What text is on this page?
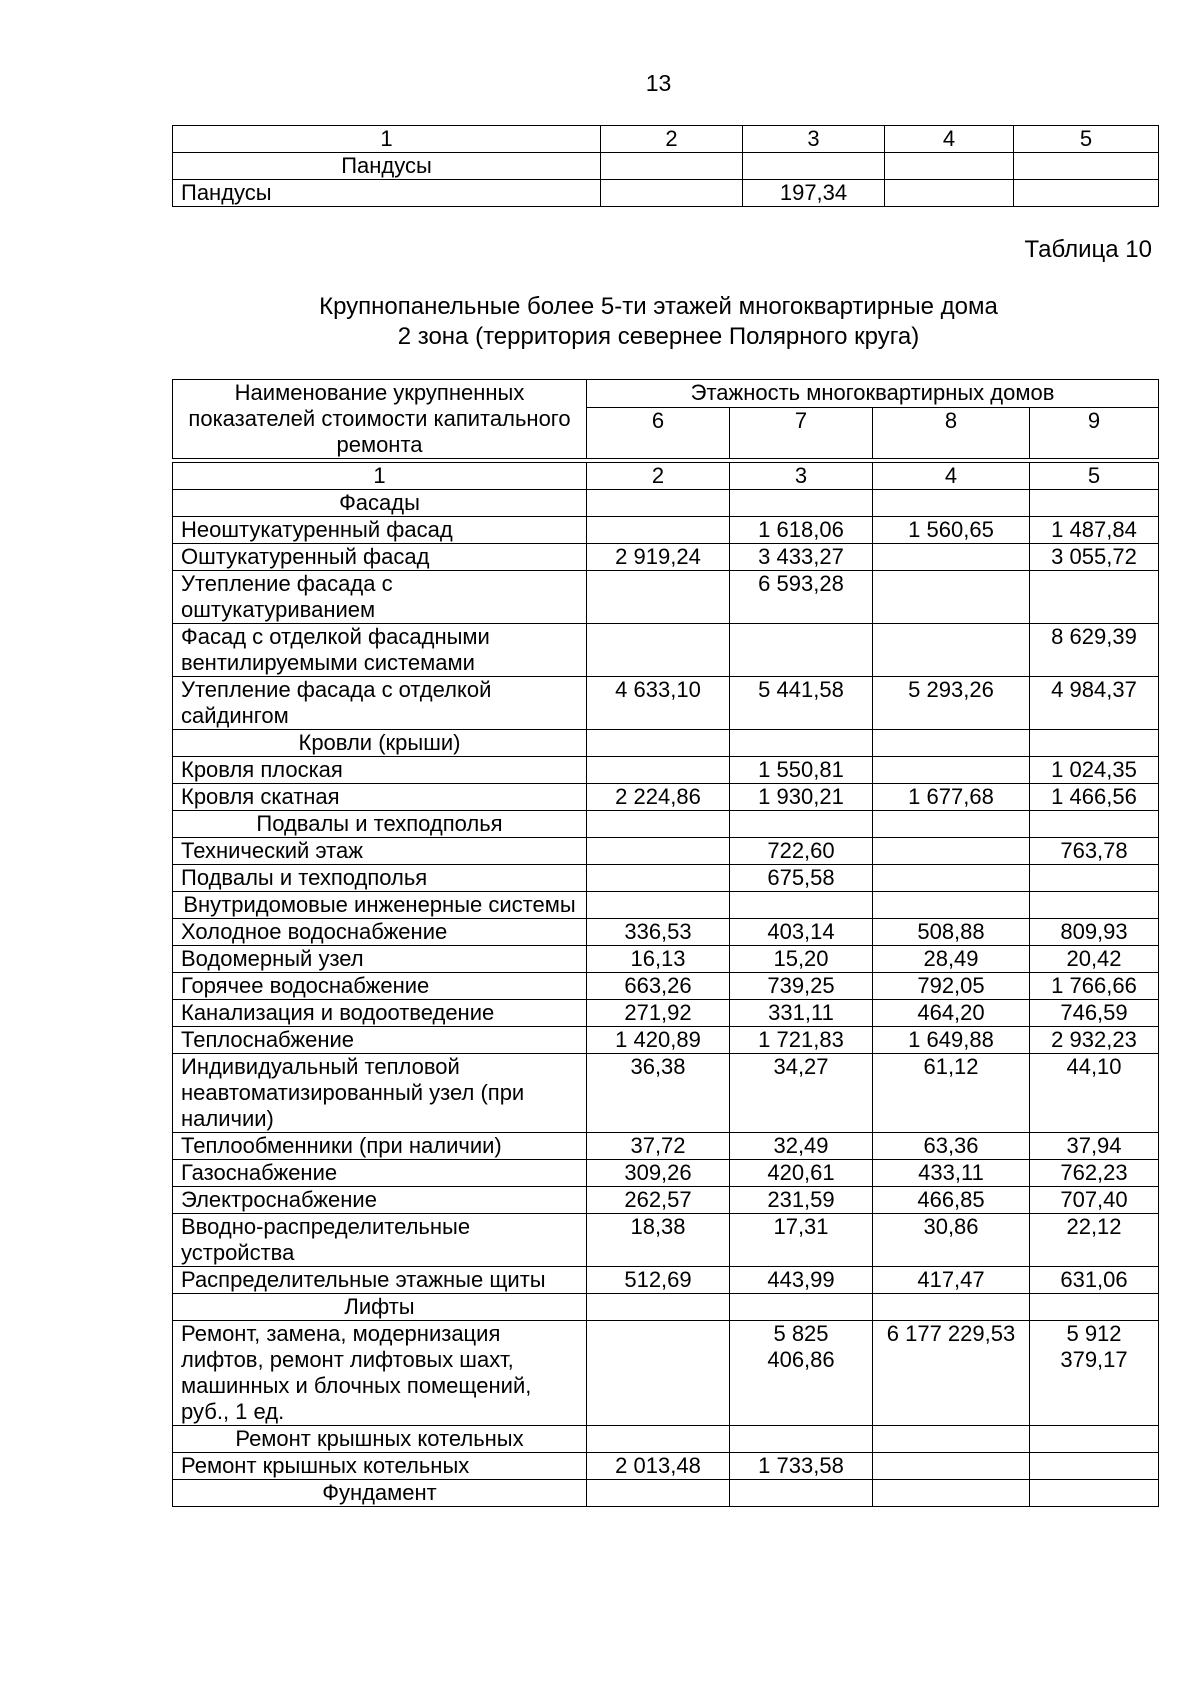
13
1	2	3	4	5
Пандусы				
Пандусы		197,34		
Таблица 10
Крупнопанельные более 5-ти этажей многоквартирные дома
2 зона (территория севернее Полярного круга)
Наименование укрупненных показателей стоимости капитального ремонта	Этажность многоквартирных домов			
	6	7	8	9
1	2	3	4	5
Фасады				
Неоштукатуренный фасад		1 618,06	1 560,65	1 487,84
Оштукатуренный фасад	2 919,24	3 433,27		3 055,72
Утепление фасада с оштукатуриванием		6 593,28		
Фасад с отделкой фасадными вентилируемыми системами				8 629,39
Утепление фасада с отделкой сайдингом	4 633,10	5 441,58	5 293,26	4 984,37
Кровли (крыши)				
Кровля плоская		1 550,81		1 024,35
Кровля скатная	2 224,86	1 930,21	1 677,68	1 466,56
Подвалы и техподполья				
Технический этаж		722,60		763,78
Подвалы и техподполья		675,58		
Внутридомовые инженерные системы				
Холодное водоснабжение	336,53	403,14	508,88	809,93
Водомерный узел	16,13	15,20	28,49	20,42
Горячее водоснабжение	663,26	739,25	792,05	1 766,66
Канализация и водоотведение	271,92	331,11	464,20	746,59
Теплоснабжение	1 420,89	1 721,83	1 649,88	2 932,23
Индивидуальный тепловой неавтоматизированный узел (при наличии)	36,38	34,27	61,12	44,10
Теплообменники (при наличии)	37,72	32,49	63,36	37,94
Газоснабжение	309,26	420,61	433,11	762,23
Электроснабжение	262,57	231,59	466,85	707,40
Вводно-распределительные устройства	18,38	17,31	30,86	22,12
Распределительные этажные щиты	512,69	443,99	417,47	631,06
Лифты				
Ремонт, замена, модернизация лифтов, ремонт лифтовых шахт, машинных и блочных помещений, руб., 1 ед.		5 825 406,86	6 177 229,53	5 912 379,17
Ремонт крышных котельных				
Ремонт крышных котельных	2 013,48	1 733,58		
Фундамент				
